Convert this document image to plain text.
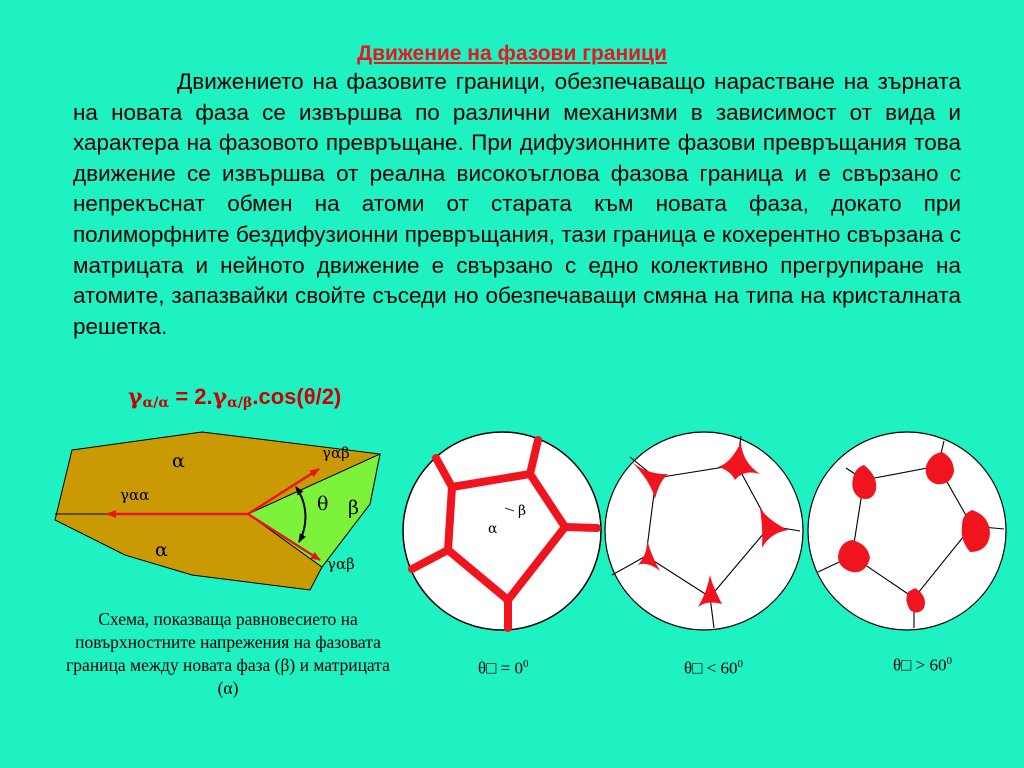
Движение на фазови граници
Движението на фазовите граници, обезпечаващо нарастване на зърната на новата фаза се извършва по различни механизми в зависимост от вида и характера на фазовото превръщане. При дифузионните фазови превръщания това движение се извършва от реална високоъглова фазова граница и е свързано с непрекъснат обмен на атоми от старата към новата фаза, докато при полиморфните бездифузионни превръщания, тази граница е кохерентно свързана с матрицата и нейното движение е свързано с едно колективно прегрупиране на атомите, запазвайки свойте съседи но обезпечаващи смяна на типа на кристалната решетка.
$\gamma_{\alpha/\alpha} = 2.\gamma_{\alpha/\beta}.\cos(\theta/2)$
α
α
β
θ
γαβ
γαα
γαβ
α
β
Схема, показваща равновесието на повърхностните напрежения на фазовата граница между новата фаза (β) и матрицата (α)
θ□ = $0^0$	θ□ < $60^0$	θ□ > $60^0$
